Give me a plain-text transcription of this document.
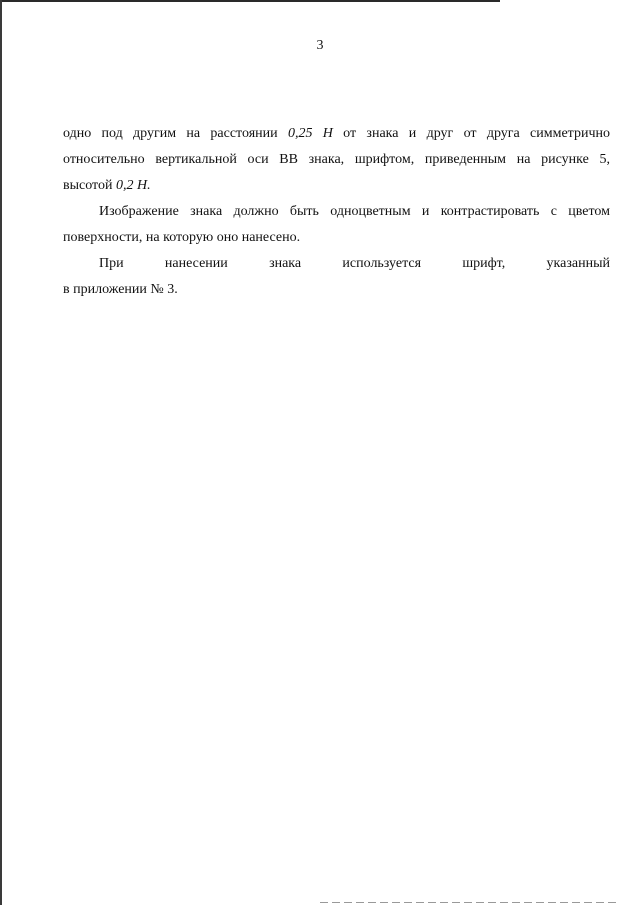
3
одно под другим на расстоянии 0,25 Н от знака и друг от друга симметрично
относительно вертикальной оси ВВ знака, шрифтом, приведенным на рисунке 5,
высотой 0,2 Н.
Изображение знака должно быть одноцветным и контрастировать с цветом
поверхности, на которую оно нанесено.
При нанесении знака используется шрифт, указанный
в приложении № 3.
